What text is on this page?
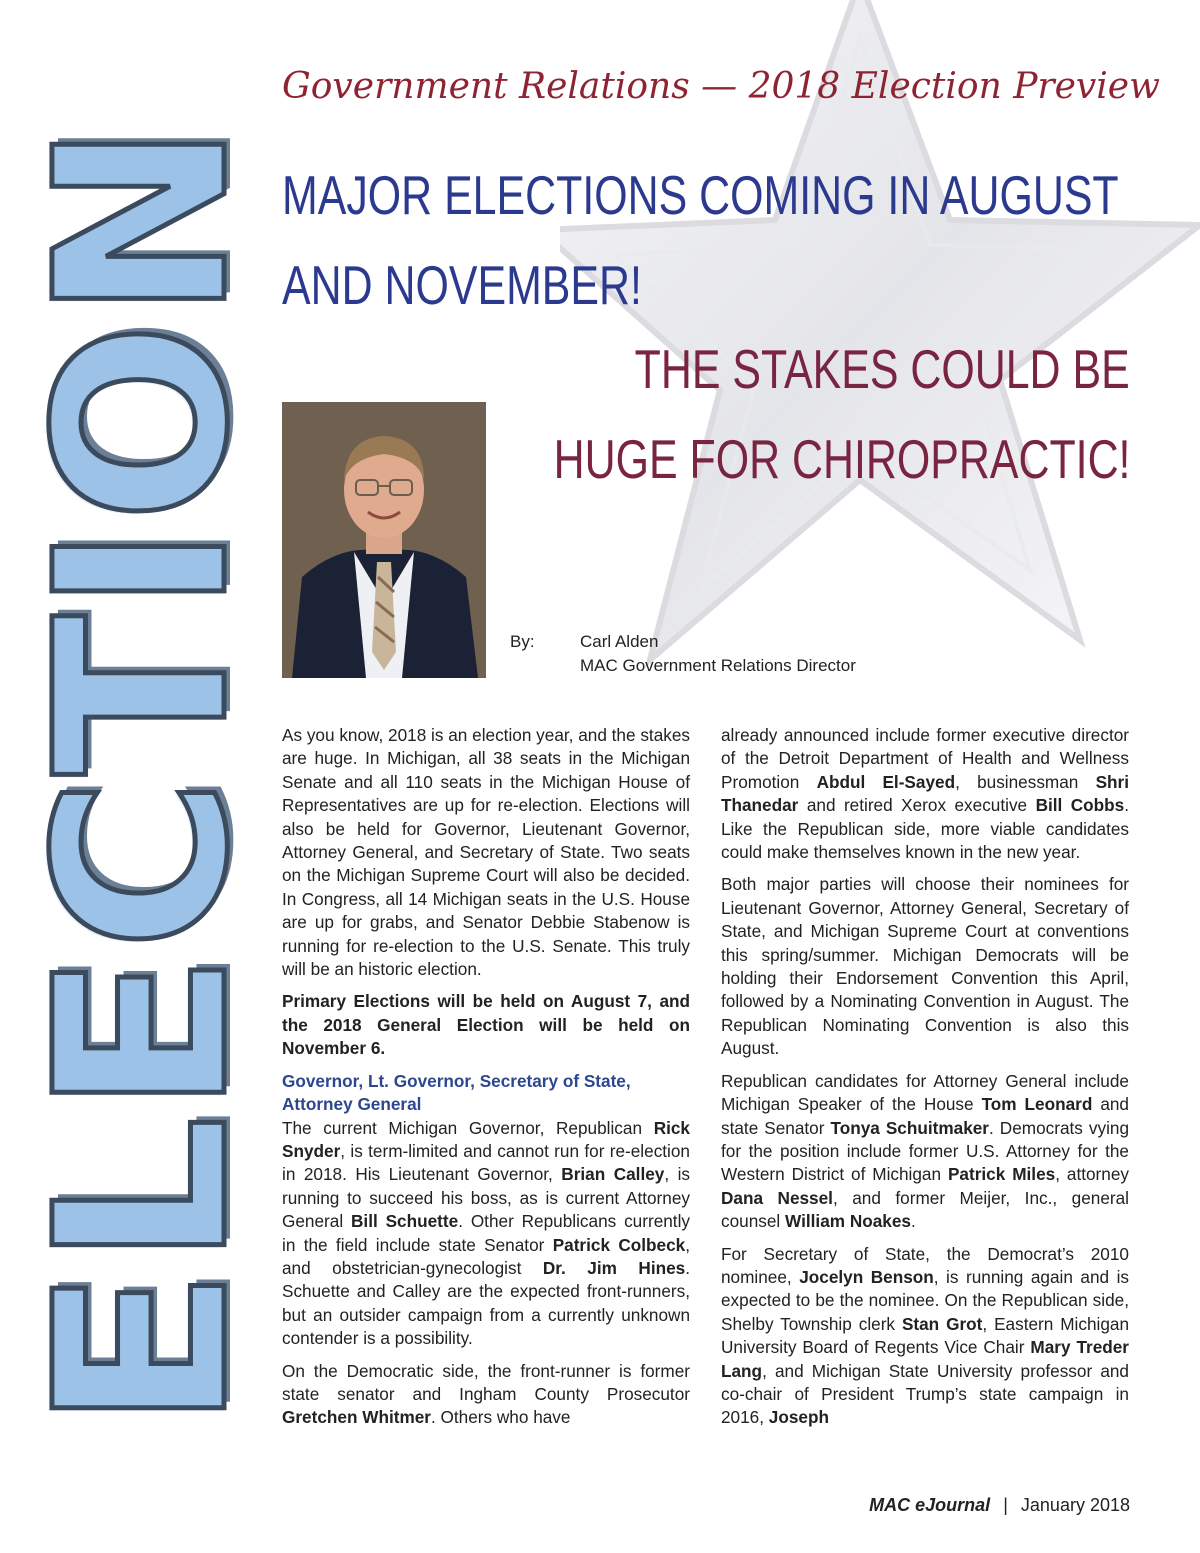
ELECTION
Government Relations — 2018 Election Preview
MAJOR ELECTIONS COMING IN AUGUST
AND NOVEMBER!
THE STAKES COULD BE
HUGE FOR CHIROPRACTIC!
By:	Carl Alden
MAC Government Relations Director

As you know, 2018 is an election year, and the stakes are huge. In Michigan, all 38 seats in the Michigan Senate and all 110 seats in the Michigan House of Representatives are up for re-election. Elections will also be held for Governor, Lieutenant Governor, Attorney General, and Secretary of State. Two seats on the Michigan Supreme Court will also be decided. In Congress, all 14 Michigan seats in the U.S. House are up for grabs, and Senator Debbie Stabenow is running for re-election to the U.S. Senate. This truly will be an historic election.

Primary Elections will be held on August 7, and the 2018 General Election will be held on November 6.

Governor, Lt. Governor, Secretary of State, Attorney General

The current Michigan Governor, Republican Rick Snyder, is term-limited and cannot run for re-election in 2018. His Lieutenant Governor, Brian Calley, is running to succeed his boss, as is current Attorney General Bill Schuette. Other Republicans currently in the field include state Senator Patrick Colbeck, and obstetrician-gynecologist Dr. Jim Hines. Schuette and Calley are the expected front-runners, but an outsider campaign from a currently unknown contender is a possibility.

On the Democratic side, the front-runner is former state senator and Ingham County Prosecutor Gretchen Whitmer. Others who have

already announced include former executive director of the Detroit Department of Health and Wellness Promotion Abdul El-Sayed, businessman Shri Thanedar and retired Xerox executive Bill Cobbs. Like the Republican side, more viable candidates could make themselves known in the new year.

Both major parties will choose their nominees for Lieutenant Governor, Attorney General, Secretary of State, and Michigan Supreme Court at conventions this spring/summer. Michigan Democrats will be holding their Endorsement Convention this April, followed by a Nominating Convention in August. The Republican Nominating Convention is also this August.

Republican candidates for Attorney General include Michigan Speaker of the House Tom Leonard and state Senator Tonya Schuitmaker. Democrats vying for the position include former U.S. Attorney for the Western District of Michigan Patrick Miles, attorney Dana Nessel, and former Meijer, Inc., general counsel William Noakes.

For Secretary of State, the Democrat’s 2010 nominee, Jocelyn Benson, is running again and is expected to be the nominee. On the Republican side, Shelby Township clerk Stan Grot, Eastern Michigan University Board of Regents Vice Chair Mary Treder Lang, and Michigan State University professor and co-chair of President Trump’s state campaign in 2016, Joseph

MAC eJournal | January 2018
